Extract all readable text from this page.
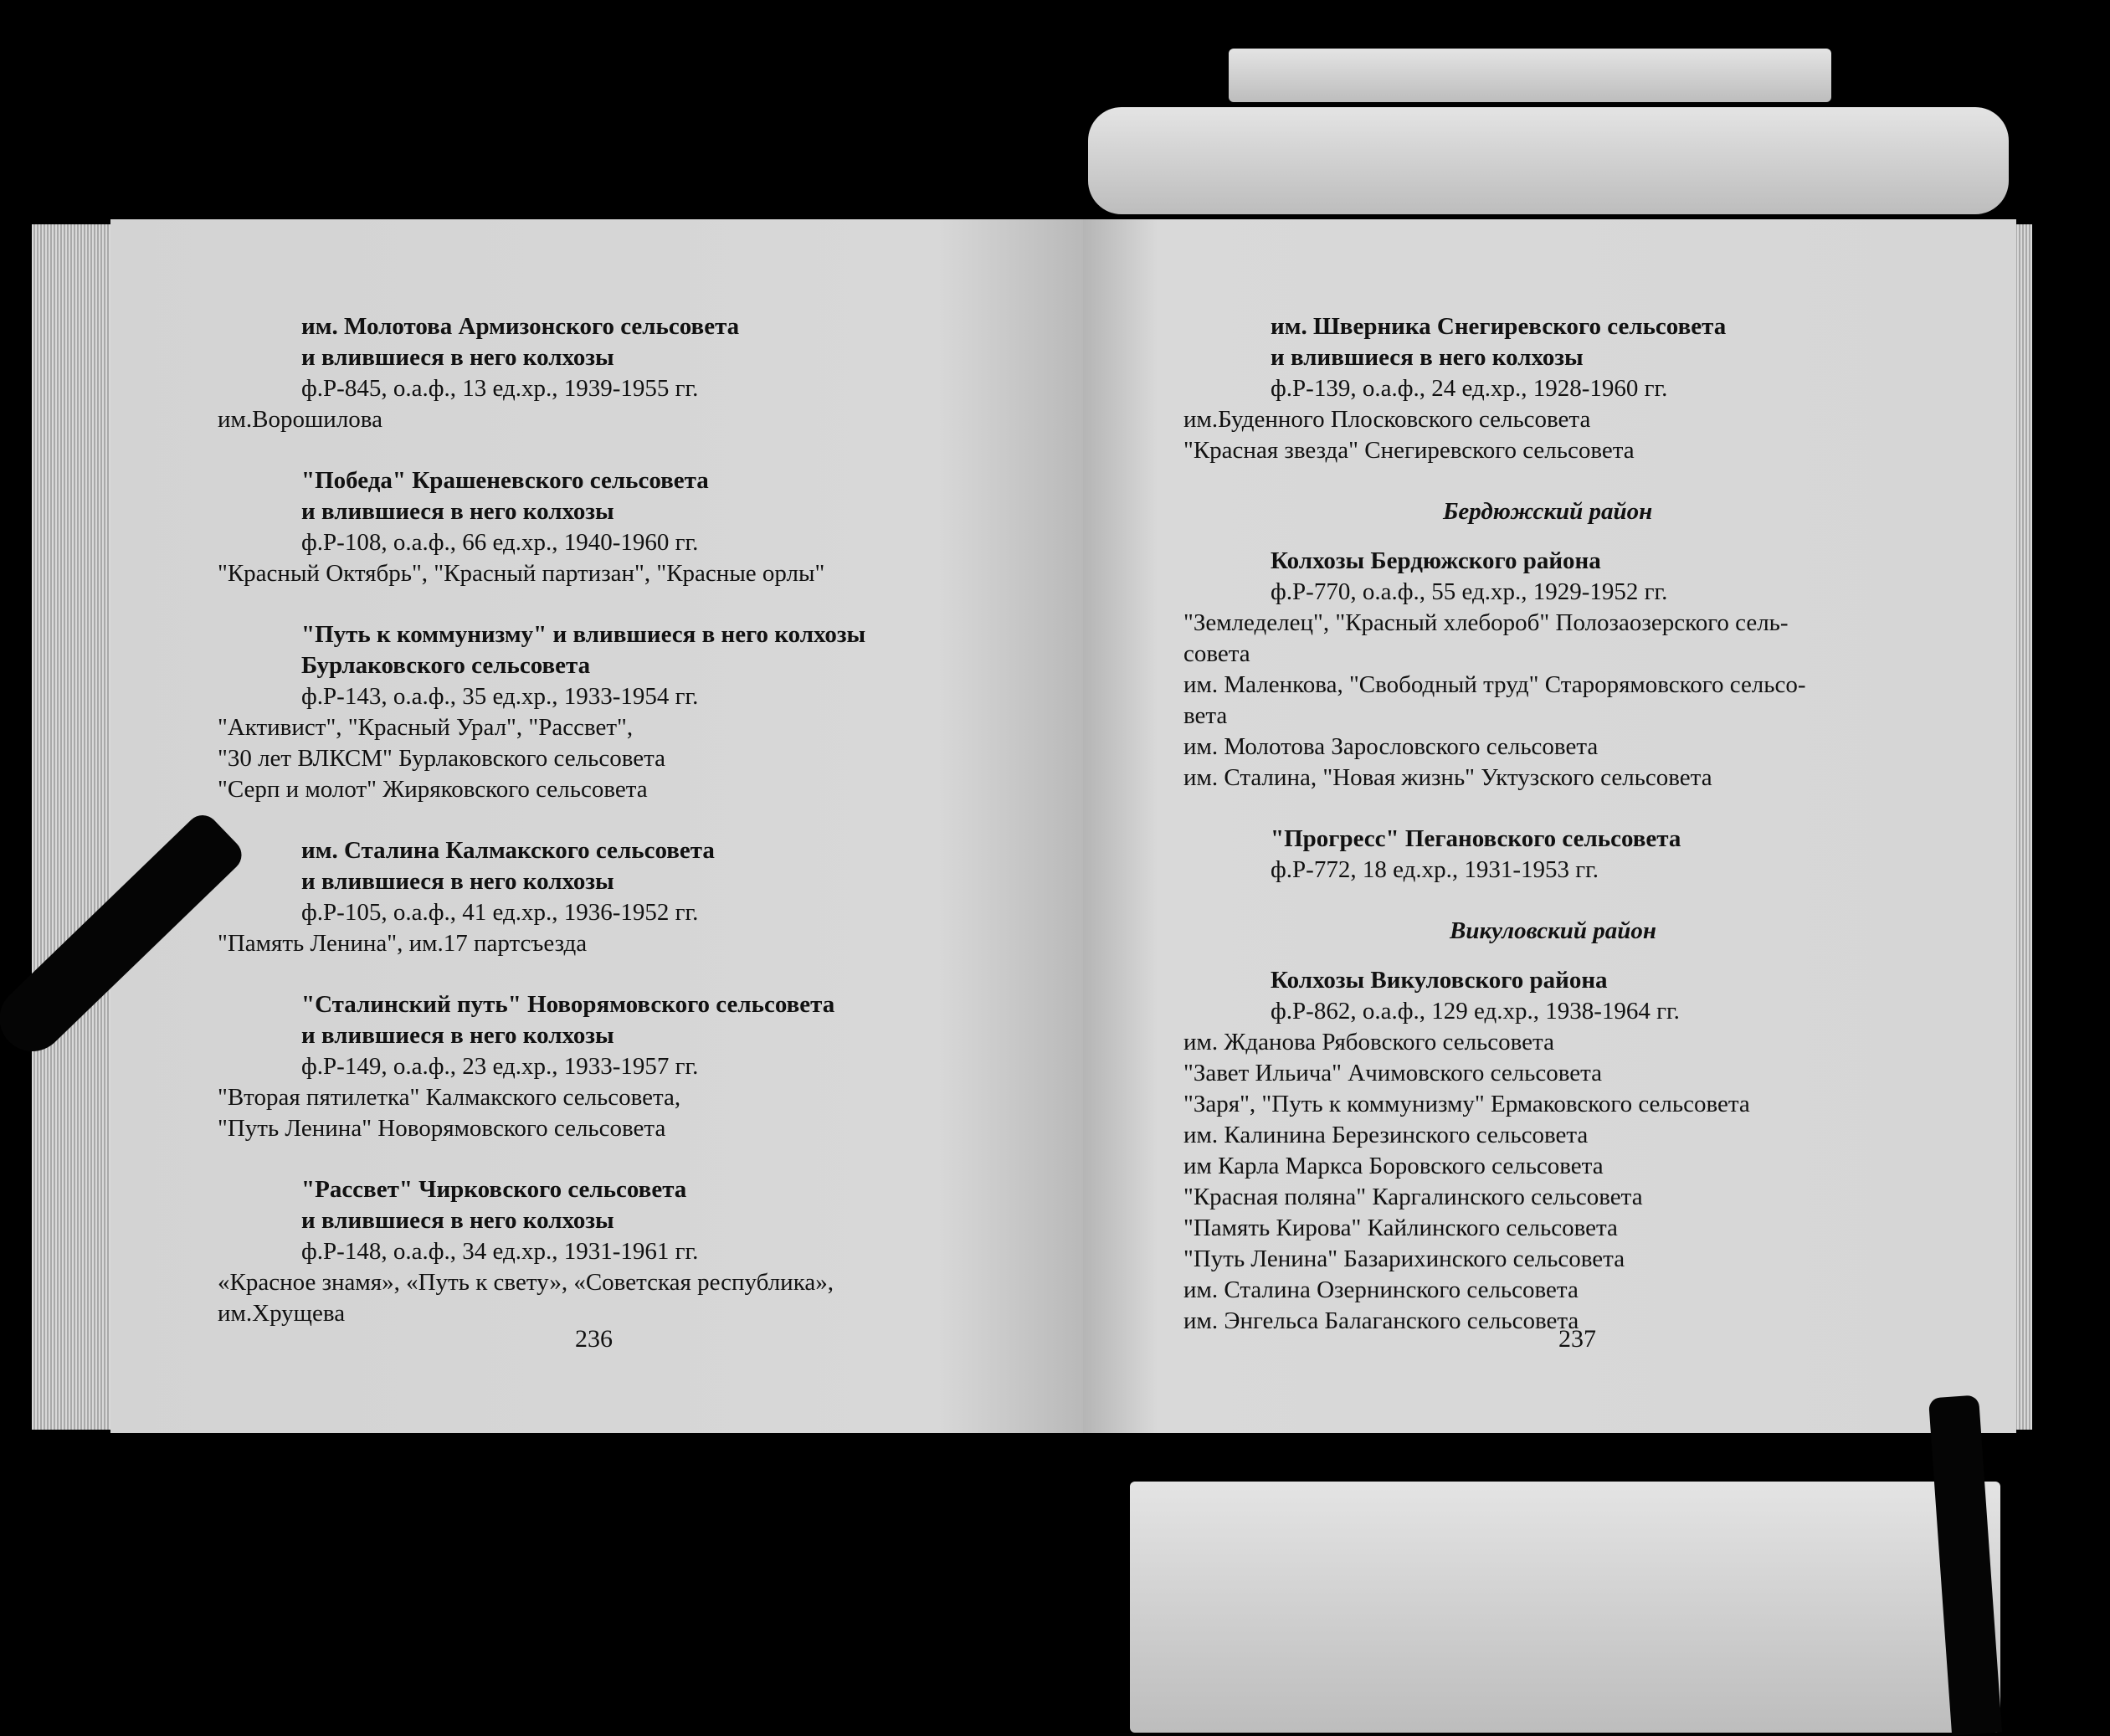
им. Молотова Армизонского сельсовета
и влившиеся в него колхозы
ф.Р-845, о.а.ф., 13 ед.хр., 1939-1955 гг.
им.Ворошилова
"Победа" Крашеневского сельсовета
и влившиеся в него колхозы
ф.Р-108, о.а.ф., 66 ед.хр., 1940-1960 гг.
"Красный Октябрь", "Красный партизан", "Красные орлы"
"Путь к коммунизму" и влившиеся в него колхозы
Бурлаковского сельсовета
ф.Р-143, о.а.ф., 35 ед.хр., 1933-1954 гг.
"Активист", "Красный Урал", "Рассвет",
"30 лет ВЛКСМ" Бурлаковского сельсовета
"Серп и молот" Жиряковского сельсовета
им. Сталина Калмакского сельсовета
и влившиеся в него колхозы
ф.Р-105, о.а.ф., 41 ед.хр., 1936-1952 гг.
"Память Ленина", им.17 партсъезда
"Сталинский путь" Новорямовского сельсовета
и влившиеся в него колхозы
ф.Р-149, о.а.ф., 23 ед.хр., 1933-1957 гг.
"Вторая пятилетка" Калмакского сельсовета,
"Путь Ленина" Новорямовского сельсовета
"Рассвет" Чирковского сельсовета
и влившиеся в него колхозы
ф.Р-148, о.а.ф., 34 ед.хр., 1931-1961 гг.
«Красное знамя», «Путь к свету», «Советская республика»,
им.Хрущева
236
им. Шверника Снегиревского сельсовета
и влившиеся в него колхозы
ф.Р-139, о.а.ф., 24 ед.хр., 1928-1960 гг.
им.Буденного Плосковского сельсовета
"Красная звезда" Снегиревского сельсовета
Бердюжский район
Колхозы Бердюжского района
ф.Р-770, о.а.ф., 55 ед.хр., 1929-1952 гг.
"Земледелец", "Красный хлебороб" Полозаозерского сель-
совета
им. Маленкова, "Свободный труд" Старорямовского сельсо-
вета
им. Молотова Зарословского сельсовета
им. Сталина, "Новая жизнь" Уктузского сельсовета
"Прогресс" Пегановского сельсовета
ф.Р-772, 18 ед.хр., 1931-1953 гг.
Викуловский район
Колхозы Викуловского района
ф.Р-862, о.а.ф., 129 ед.хр., 1938-1964 гг.
им. Жданова Рябовского сельсовета
"Завет Ильича" Ачимовского сельсовета
"Заря", "Путь к коммунизму" Ермаковского сельсовета
им. Калинина Березинского сельсовета
им Карла Маркса Боровского сельсовета
"Красная поляна" Каргалинского сельсовета
"Память Кирова" Кайлинского сельсовета
"Путь Ленина" Базарихинского сельсовета
им. Сталина Озернинского сельсовета
им. Энгельса Балаганского сельсовета
237
